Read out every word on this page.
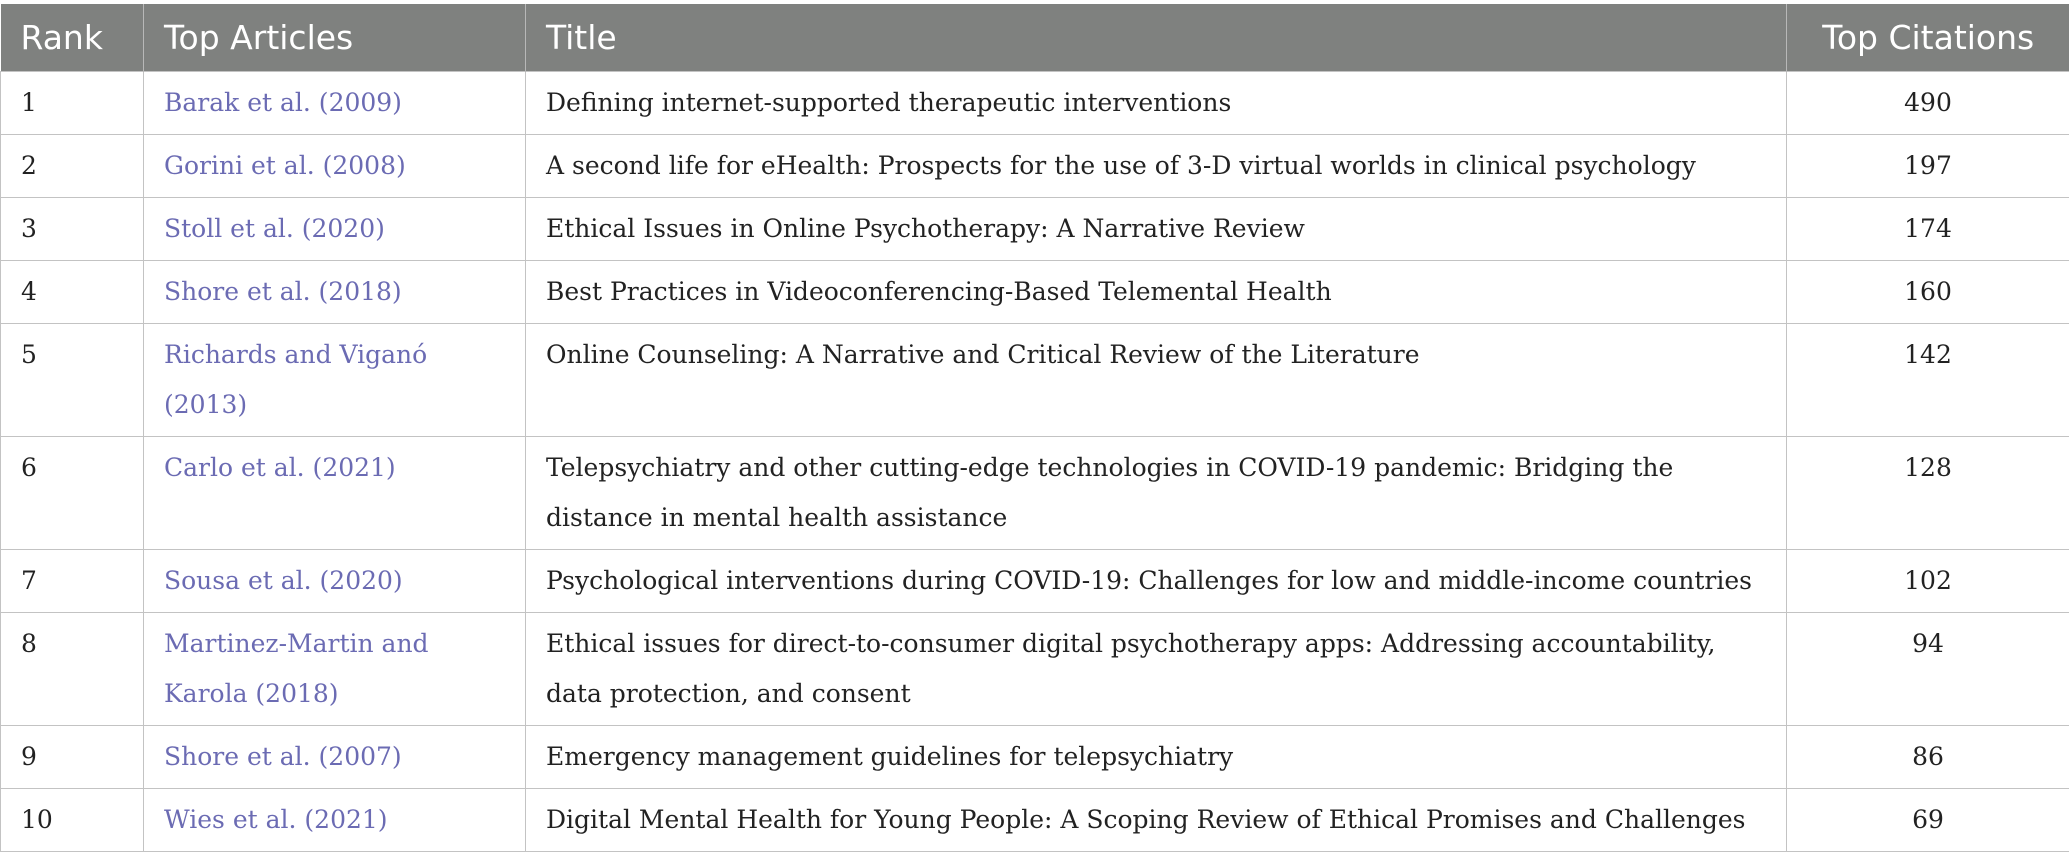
Rank	Top Articles	Title	Top Citations
1	Barak et al. (2009)	Defining internet-supported therapeutic interventions	490
2	Gorini et al. (2008)	A second life for eHealth: Prospects for the use of 3-D virtual worlds in clinical psychology	197
3	Stoll et al. (2020)	Ethical Issues in Online Psychotherapy: A Narrative Review	174
4	Shore et al. (2018)	Best Practices in Videoconferencing-Based Telemental Health	160
5	Richards and Viganó (2013)	Online Counseling: A Narrative and Critical Review of the Literature	142
6	Carlo et al. (2021)	Telepsychiatry and other cutting-edge technologies in COVID-19 pandemic: Bridging the distance in mental health assistance	128
7	Sousa et al. (2020)	Psychological interventions during COVID-19: Challenges for low and middle-income countries	102
8	Martinez-Martin and Karola (2018)	Ethical issues for direct-to-consumer digital psychotherapy apps: Addressing accountability, data protection, and consent	94
9	Shore et al. (2007)	Emergency management guidelines for telepsychiatry	86
10	Wies et al. (2021)	Digital Mental Health for Young People: A Scoping Review of Ethical Promises and Challenges	69
